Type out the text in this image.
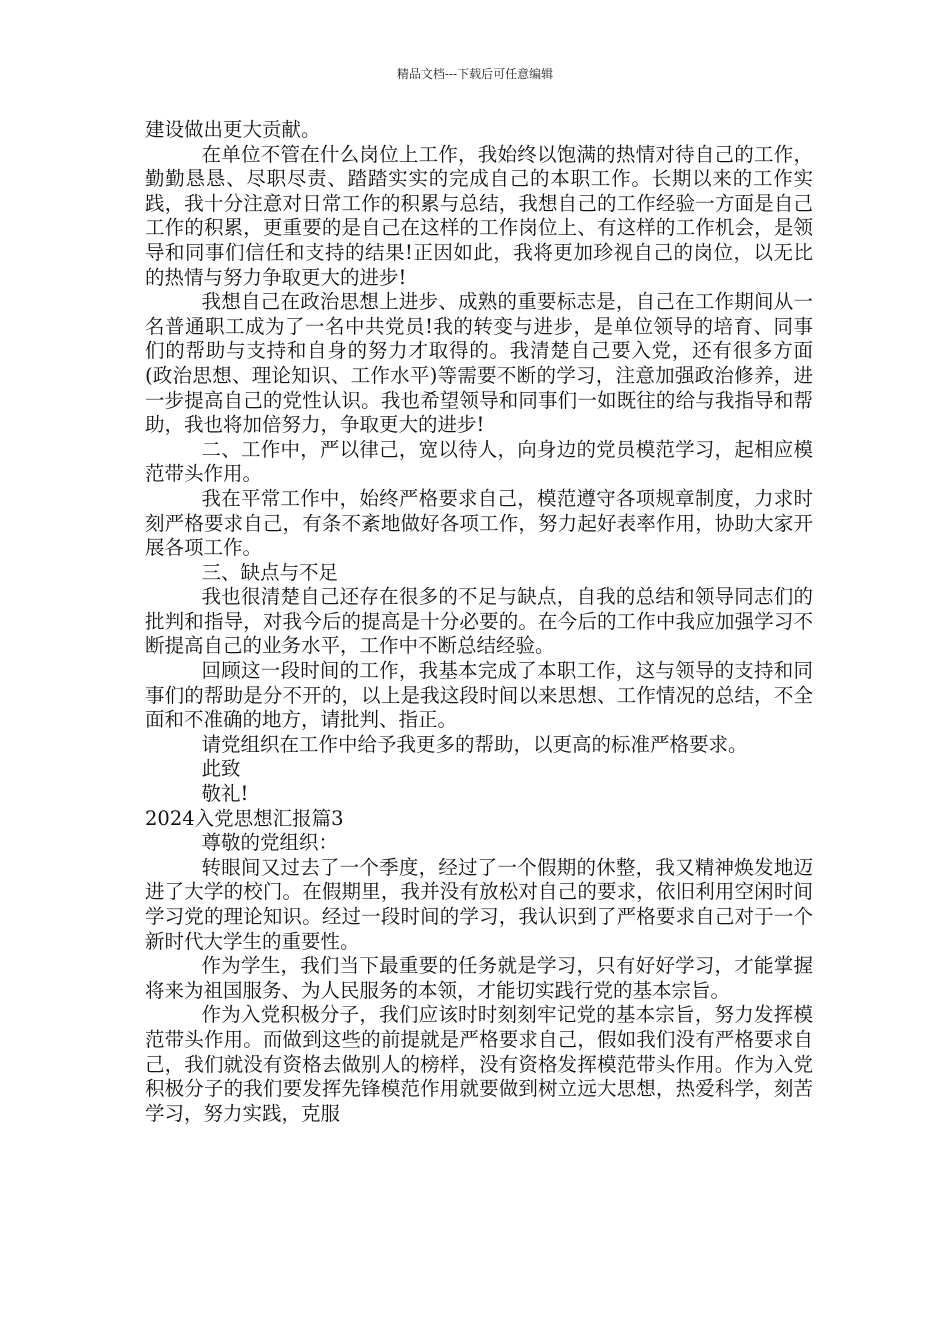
精品文档---下载后可任意编辑

建设做出更大贡献。

在单位不管在什么岗位上工作，我始终以饱满的热情对待自己的工作，勤勤恳恳、尽职尽责、踏踏实实的完成自己的本职工作。长期以来的工作实践，我十分注意对日常工作的积累与总结，我想自己的工作经验一方面是自己工作的积累，更重要的是自己在这样的工作岗位上、有这样的工作机会，是领导和同事们信任和支持的结果!正因如此，我将更加珍视自己的岗位，以无比的热情与努力争取更大的进步!

我想自己在政治思想上进步、成熟的重要标志是，自己在工作期间从一名普通职工成为了一名中共党员!我的转变与进步，是单位领导的培育、同事们的帮助与支持和自身的努力才取得的。我清楚自己要入党，还有很多方面(政治思想、理论知识、工作水平)等需要不断的学习，注意加强政治修养，进一步提高自己的党性认识。我也希望领导和同事们一如既往的给与我指导和帮助，我也将加倍努力，争取更大的进步!

二、工作中，严以律己，宽以待人，向身边的党员模范学习，起相应模范带头作用。

我在平常工作中，始终严格要求自己，模范遵守各项规章制度，力求时刻严格要求自己，有条不紊地做好各项工作，努力起好表率作用，协助大家开展各项工作。

三、缺点与不足

我也很清楚自己还存在很多的不足与缺点，自我的总结和领导同志们的批判和指导，对我今后的提高是十分必要的。在今后的工作中我应加强学习不断提高自己的业务水平，工作中不断总结经验。

回顾这一段时间的工作，我基本完成了本职工作，这与领导的支持和同事们的帮助是分不开的，以上是我这段时间以来思想、工作情况的总结，不全面和不准确的地方，请批判、指正。

请党组织在工作中给予我更多的帮助，以更高的标准严格要求。

此致

敬礼!

2024入党思想汇报篇3

尊敬的党组织：

转眼间又过去了一个季度，经过了一个假期的休整，我又精神焕发地迈进了大学的校门。在假期里，我并没有放松对自己的要求，依旧利用空闲时间学习党的理论知识。经过一段时间的学习，我认识到了严格要求自己对于一个新时代大学生的重要性。

作为学生，我们当下最重要的任务就是学习，只有好好学习，才能掌握将来为祖国服务、为人民服务的本领，才能切实践行党的基本宗旨。

作为入党积极分子，我们应该时时刻刻牢记党的基本宗旨，努力发挥模范带头作用。而做到这些的前提就是严格要求自己，假如我们没有严格要求自己，我们就没有资格去做别人的榜样，没有资格发挥模范带头作用。作为入党积极分子的我们要发挥先锋模范作用就要做到树立远大思想，热爱科学，刻苦学习，努力实践，克服
